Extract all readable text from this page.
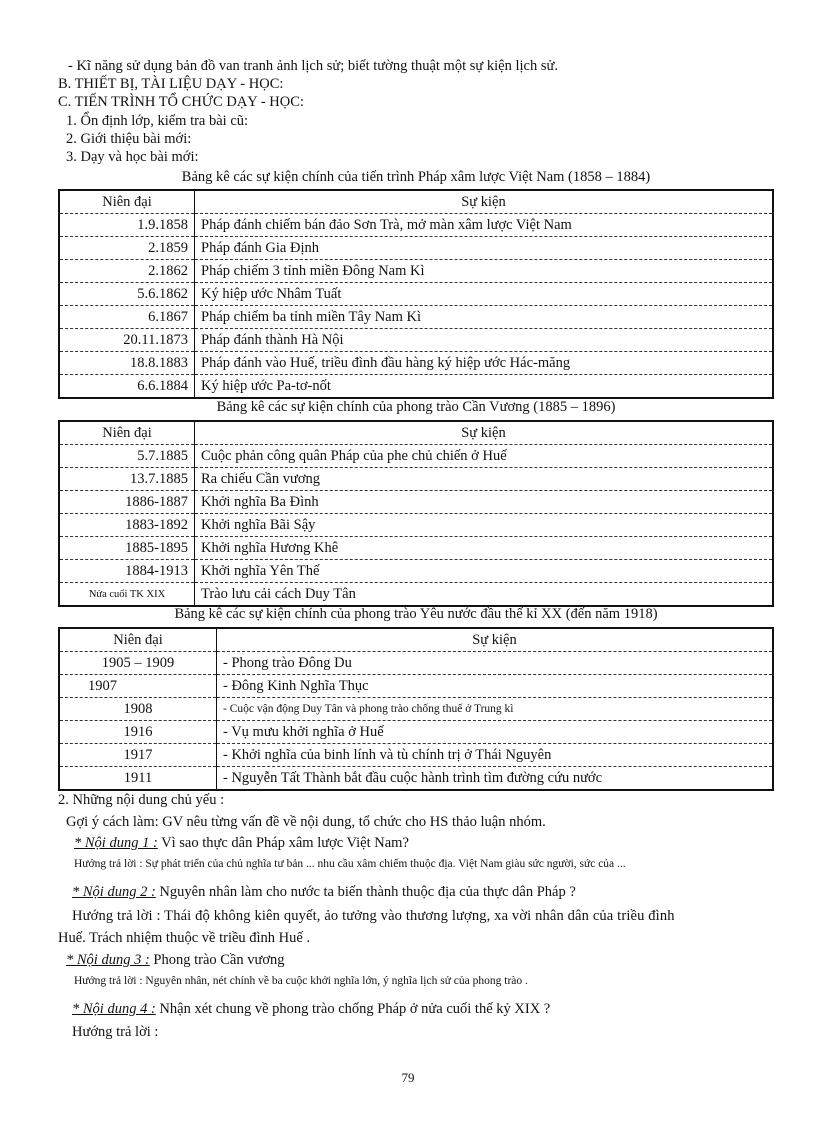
- Kĩ năng sử dụng bản đồ van tranh ảnh lịch sử; biết tường thuật một sự kiện lịch sử.
B. THIẾT BỊ, TÀI LIỆU DẠY - HỌC:
C. TIẾN TRÌNH TỔ CHỨC DẠY - HỌC:
1. Ổn định lớp, kiểm tra bài cũ:
2. Giới thiệu bài mới:
3. Dạy và học bài mới:
Bảng kê các sự kiện chính của tiến trình Pháp xâm lược Việt Nam (1858 – 1884)
Niên đại	Sự kiện
1.9.1858	Pháp đánh chiếm bán đảo Sơn Trà, mở màn xâm lược Việt Nam
2.1859	Pháp đánh Gia Định
2.1862	Pháp chiếm 3 tỉnh miền Đông Nam Kì
5.6.1862	Ký hiệp ước Nhâm Tuất
6.1867	Pháp chiếm ba tỉnh miền Tây Nam Kì
20.11.1873	Pháp đánh thành Hà Nội
18.8.1883	Pháp đánh vào Huế, triều đình đầu hàng ký hiệp ước Hác-măng
6.6.1884	Ký hiệp ước Pa-tơ-nốt
Bảng kê các sự kiện chính của phong trào Cần Vương (1885 – 1896)
Niên đại	Sự kiện
5.7.1885	Cuộc phản công quân Pháp của phe chủ chiến ở Huế
13.7.1885	Ra chiếu Cần vương
1886-1887	Khởi nghĩa Ba Đình
1883-1892	Khởi nghĩa Bãi Sậy
1885-1895	Khởi nghĩa Hương Khê
1884-1913	Khởi nghĩa Yên Thế
Nửa cuối TK XIX	Trào lưu cải cách Duy Tân
Bảng kê các sự kiện chính của phong trào Yêu nước đầu thế kỉ XX (đến năm 1918)
Niên đại	Sự kiện
1905 – 1909	- Phong trào Đông Du
1907	- Đông Kinh Nghĩa Thục
1908	- Cuộc vận động Duy Tân và phong trào chống thuế ở Trung kì
1916	- Vụ mưu khởi nghĩa ở Huế
1917	- Khởi nghĩa của binh lính và tù chính trị ở Thái Nguyên
1911	- Nguyễn Tất Thành bắt đầu cuộc hành trình tìm đường cứu nước
2. Những nội dung chủ yếu :
Gợi ý cách làm: GV nêu từng vấn đề về nội dung, tổ chức cho HS thảo luận nhóm.
* Nội dung 1 : Vì sao thực dân Pháp xâm lược Việt Nam?
Hướng trả lời : Sự phát triển của chủ nghĩa tư bản ... nhu cầu xâm chiếm thuộc địa. Việt Nam giàu sức người, sức của ...
* Nội dung 2 : Nguyên nhân làm cho nước ta biến thành thuộc địa của thực dân Pháp ?
Hướng trả lời : Thái độ không kiên quyết, ảo tưởng vào thương lượng, xa vời nhân dân của triều đình
Huế. Trách nhiệm thuộc về triều đình Huế .
* Nội dung 3 : Phong trào Cần vương
Hướng trả lời : Nguyên nhân, nét chính về ba cuộc khởi nghĩa lớn, ý nghĩa lịch sử của phong trào .
* Nội dung 4 : Nhận xét chung về phong trào chống Pháp ở nửa cuối thế kỷ XIX ?
Hướng trả lời :
79
